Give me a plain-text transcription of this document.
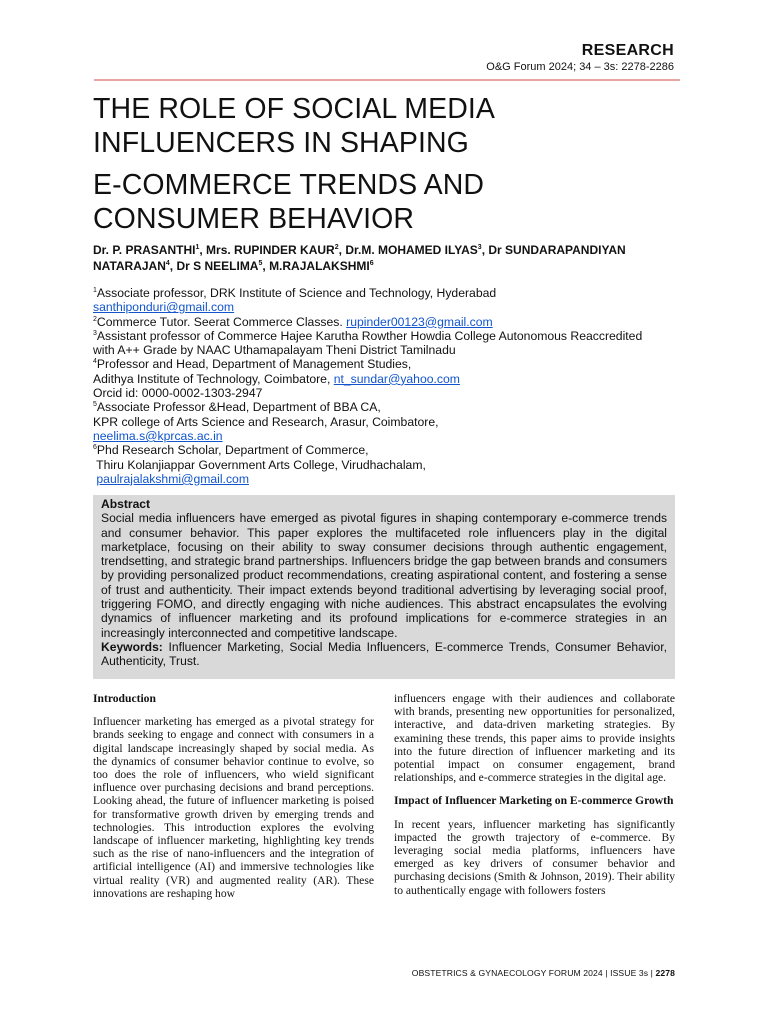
RESEARCH
O&G Forum 2024; 34 – 3s: 2278-2286
THE ROLE OF SOCIAL MEDIA
INFLUENCERS IN SHAPING
E-COMMERCE TRENDS AND
CONSUMER BEHAVIOR
Dr. P. PRASANTHI$^1$, Mrs. RUPINDER KAUR$^2$, Dr.M. MOHAMED ILYAS$^3$, Dr SUNDARAPANDIYAN NATARAJAN$^4$, Dr S NEELIMA$^5$, M.RAJALAKSHMI$^6$
$^1$Associate professor, DRK Institute of Science and Technology, Hyderabad
santhiponduri@gmail.com
$^2$Commerce Tutor. Seerat Commerce Classes. rupinder00123@gmail.com
$^3$Assistant professor of Commerce Hajee Karutha Rowther Howdia College Autonomous Reaccredited
with A++ Grade by NAAC Uthamapalayam Theni District Tamilnadu
$^4$Professor and Head, Department of Management Studies,
Adithya Institute of Technology, Coimbatore, nt_sundar@yahoo.com
Orcid id: 0000-0002-1303-2947
$^5$Associate Professor &Head, Department of BBA CA,
KPR college of Arts Science and Research, Arasur, Coimbatore,
neelima.s@kprcas.ac.in
$^6$Phd Research Scholar, Department of Commerce,
Thiru Kolanjiappar Government Arts College, Virudhachalam,
paulrajalakshmi@gmail.com
Abstract
Social media influencers have emerged as pivotal figures in shaping contemporary e-commerce trends and consumer behavior. This paper explores the multifaceted role influencers play in the digital marketplace, focusing on their ability to sway consumer decisions through authentic engagement, trendsetting, and strategic brand partnerships. Influencers bridge the gap between brands and consumers by providing personalized product recommendations, creating aspirational content, and fostering a sense of trust and authenticity. Their impact extends beyond traditional advertising by leveraging social proof, triggering FOMO, and directly engaging with niche audiences. This abstract encapsulates the evolving dynamics of influencer marketing and its profound implications for e-commerce strategies in an increasingly interconnected and competitive landscape.
Keywords: Influencer Marketing, Social Media Influencers, E-commerce Trends, Consumer Behavior, Authenticity, Trust.

Introduction

Influencer marketing has emerged as a pivotal strategy for brands seeking to engage and connect with consumers in a digital landscape increasingly shaped by social media. As the dynamics of consumer behavior continue to evolve, so too does the role of influencers, who wield significant influence over purchasing decisions and brand perceptions. Looking ahead, the future of influencer marketing is poised for transformative growth driven by emerging trends and technologies. This introduction explores the evolving landscape of influencer marketing, highlighting key trends such as the rise of nano-influencers and the integration of artificial intelligence (AI) and immersive technologies like virtual reality (VR) and augmented reality (AR). These innovations are reshaping how

influencers engage with their audiences and collaborate with brands, presenting new opportunities for personalized, interactive, and data-driven marketing strategies. By examining these trends, this paper aims to provide insights into the future direction of influencer marketing and its potential impact on consumer engagement, brand relationships, and e-commerce strategies in the digital age.

Impact of Influencer Marketing on E-commerce Growth

In recent years, influencer marketing has significantly impacted the growth trajectory of e-commerce. By leveraging social media platforms, influencers have emerged as key drivers of consumer behavior and purchasing decisions (Smith & Johnson, 2019). Their ability to authentically engage with followers fosters

OBSTETRICS & GYNAECOLOGY FORUM 2024 | ISSUE 3s | 2278
